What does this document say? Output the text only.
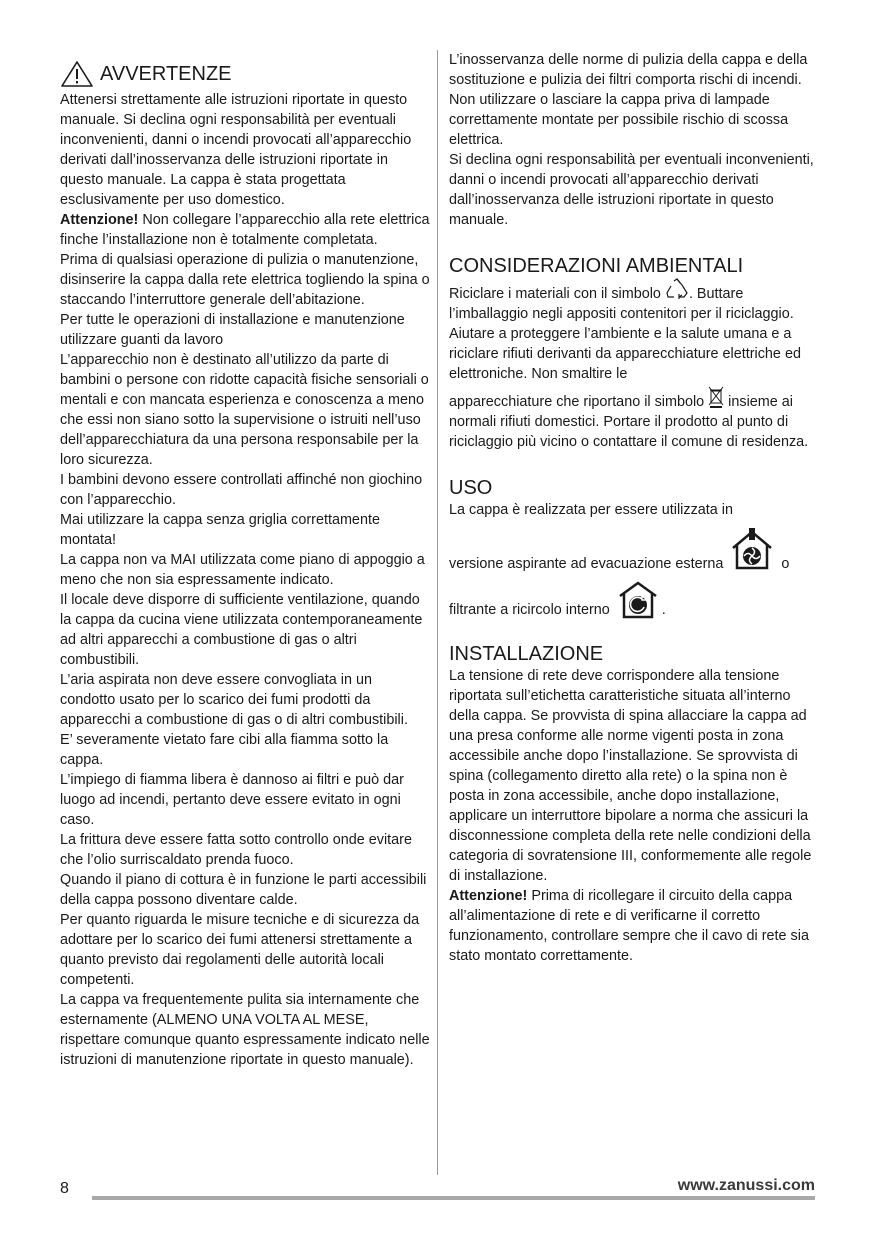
AVVERTENZE

Attenersi strettamente alle istruzioni riportate in questo manuale. Si declina ogni responsabilità per eventuali inconvenienti, danni o incendi provocati all’apparecchio derivati dall’inosservanza delle istruzioni riportate in questo manuale. La cappa è stata progettata esclusivamente per uso domestico.

Attenzione! Non collegare l’apparecchio alla rete elettrica finche l’installazione non è totalmente completata.

Prima di qualsiasi operazione di pulizia o manutenzione, disinserire la cappa dalla rete elettrica togliendo la spina o staccando l’interruttore generale dell’abitazione.

Per tutte le operazioni di installazione e manutenzione utilizzare guanti da lavoro

L’apparecchio non è destinato all’utilizzo da parte di bambini o persone con ridotte capacità fisiche sensoriali o mentali e con mancata esperienza e conoscenza a meno che essi non siano sotto la supervisione o istruiti nell’uso dell’apparecchiatura da una persona responsabile per la loro sicurezza.

I bambini devono essere controllati affinché non giochino con l’apparecchio.

Mai utilizzare la cappa senza griglia correttamente montata!

La cappa non va MAI utilizzata come piano di appoggio a meno che non sia espressamente indicato.

Il locale deve disporre di sufficiente ventilazione, quando la cappa da cucina viene utilizzata contemporaneamente ad altri apparecchi a combustione di gas o altri combustibili.

L’aria aspirata non deve essere convogliata in un condotto usato per lo scarico dei fumi prodotti da apparecchi a combustione di gas o di altri combustibili.

E’ severamente vietato fare cibi alla fiamma sotto la cappa.

L’impiego di fiamma libera è dannoso ai filtri e può dar luogo ad incendi, pertanto deve essere evitato in ogni caso.

La frittura deve essere fatta sotto controllo onde evitare che l’olio surriscaldato prenda fuoco.

Quando il piano di cottura è in funzione le parti accessibili della cappa possono diventare calde.

Per quanto riguarda le misure tecniche e di sicurezza da adottare per lo scarico dei fumi attenersi strettamente a quanto previsto dai regolamenti delle autorità locali competenti.

La cappa va frequentemente pulita sia internamente che esternamente (ALMENO UNA VOLTA AL MESE, rispettare comunque quanto espressamente indicato nelle istruzioni di manutenzione riportate in questo manuale).

L’inosservanza delle norme di pulizia della cappa e della sostituzione e pulizia dei filtri comporta rischi di incendi.

Non utilizzare o lasciare la cappa priva di lampade correttamente montate per possibile rischio di scossa elettrica.

Si declina ogni responsabilità per eventuali inconvenienti, danni o incendi provocati all’apparecchio derivati dall’inosservanza delle istruzioni riportate in questo manuale.

CONSIDERAZIONI AMBIENTALI

Riciclare i materiali con il simbolo . Buttare l’imballaggio negli appositi contenitori per il riciclaggio.

Aiutare a proteggere l’ambiente e la salute umana e a riciclare rifiuti derivanti da apparecchiature elettriche ed elettroniche. Non smaltire le

apparecchiature che riportano il simbolo  insieme ai normali rifiuti domestici. Portare il prodotto al punto di riciclaggio più vicino o contattare il comune di residenza.

USO

La cappa è realizzata per essere utilizzata in

versione aspirante ad evacuazione esterna	o

filtrante a ricircolo interno	.

INSTALLAZIONE

La tensione di rete deve corrispondere alla tensione riportata sull’etichetta caratteristiche situata all’interno della cappa. Se provvista di spina allacciare la cappa ad una presa conforme alle norme vigenti posta in zona accessibile anche dopo l’installazione. Se sprovvista di spina (collegamento diretto alla rete) o la spina non è posta in zona accessibile, anche dopo installazione, applicare un interruttore bipolare a norma che assicuri la disconnessione completa della rete nelle condizioni della categoria di sovratensione III, conformemente alle regole di installazione.

Attenzione! Prima di ricollegare il circuito della cappa all’alimentazione di rete e di verificarne il corretto funzionamento, controllare sempre che il cavo di rete sia stato montato correttamente.

8	www.zanussi.com
